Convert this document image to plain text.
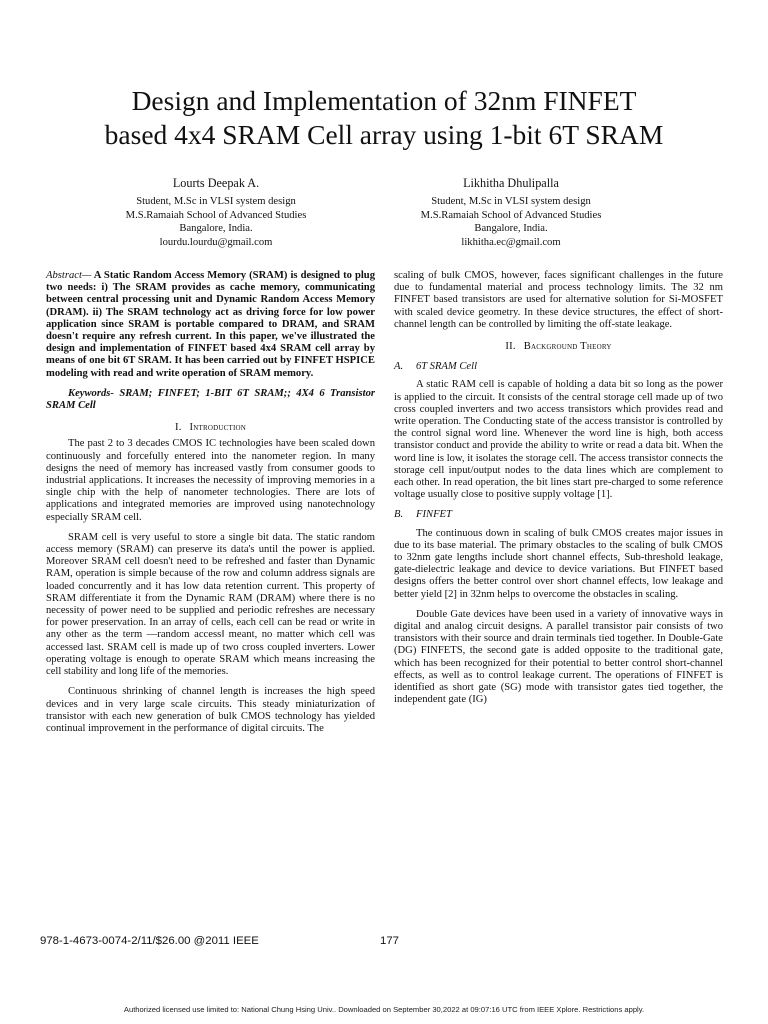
Design and Implementation of 32nm FINFET
based 4x4 SRAM Cell array using 1-bit 6T SRAM
Lourts Deepak A.
Student, M.Sc in VLSI system design
M.S.Ramaiah School of Advanced Studies
Bangalore, India.
lourdu.lourdu@gmail.com
Likhitha Dhulipalla
Student, M.Sc in VLSI system design
M.S.Ramaiah School of Advanced Studies
Bangalore, India.
likhitha.ec@gmail.com

Abstract— A Static Random Access Memory (SRAM) is designed to plug two needs: i) The SRAM provides as cache memory, communicating between central processing unit and Dynamic Random Access Memory (DRAM). ii) The SRAM technology act as driving force for low power application since SRAM is portable compared to DRAM, and SRAM doesn't require any refresh current. In this paper, we've illustrated the design and implementation of FINFET based 4x4 SRAM cell array by means of one bit 6T SRAM. It has been carried out by FINFET HSPICE modeling with read and write operation of SRAM memory.

Keywords- SRAM; FINFET; 1-BIT 6T SRAM;; 4X4 6 Transistor SRAM Cell

I. Introduction

The past 2 to 3 decades CMOS IC technologies have been scaled down continuously and forcefully entered into the nanometer region. In many designs the need of memory has increased vastly from consumer goods to industrial applications. It increases the necessity of improving memories in a single chip with the help of nanometer technologies. There are lots of applications and integrated memories are improved using nanotechnology especially SRAM cell.

SRAM cell is very useful to store a single bit data. The static random access memory (SRAM) can preserve its data's until the power is applied. Moreover SRAM cell doesn't need to be refreshed and faster than Dynamic RAM, operation is simple because of the row and column address signals are loaded concurrently and it has low data retention current. This property of SRAM differentiate it from the Dynamic RAM (DRAM) where there is no necessity of power need to be supplied and periodic refreshes are necessary for power preservation. In an array of cells, each cell can be read or write in any other as the term ―random access‖ meant, no matter which cell was accessed last. SRAM cell is made up of two cross coupled inverters. Lower operating voltage is enough to operate SRAM which means increasing the cell stability and long life of the memories.

Continuous shrinking of channel length is increases the high speed devices and in very large scale circuits. This steady miniaturization of transistor with each new generation of bulk CMOS technology has yielded continual improvement in the performance of digital circuits. The

scaling of bulk CMOS, however, faces significant challenges in the future due to fundamental material and process technology limits. The 32 nm FINFET based transistors are used for alternative solution for Si-MOSFET with scaled device geometry. In these device structures, the effect of short-channel length can be controlled by limiting the off-state leakage.

II. Background Theory
A. 6T SRAM Cell

A static RAM cell is capable of holding a data bit so long as the power is applied to the circuit. It consists of the central storage cell made up of two cross coupled inverters and two access transistors which provides read and write operation. The Conducting state of the access transistor is controlled by the control signal word line. Whenever the word line is high, both access transistor conduct and provide the ability to write or read a data bit. When the word line is low, it isolates the storage cell. The access transistor connects the storage cell input/output nodes to the data lines which are complement to each other. In read operation, the bit lines start pre-charged to some reference voltage usually close to positive supply voltage [1].

B. FINFET

The continuous down in scaling of bulk CMOS creates major issues in due to its base material. The primary obstacles to the scaling of bulk CMOS to 32nm gate lengths include short channel effects, Sub-threshold leakage, gate-dielectric leakage and device to device variations. But FINFET based designs offers the better control over short channel effects, low leakage and better yield [2] in 32nm helps to overcome the obstacles in scaling.

Double Gate devices have been used in a variety of innovative ways in digital and analog circuit designs. A parallel transistor pair consists of two transistors with their source and drain terminals tied together. In Double-Gate (DG) FINFETS, the second gate is added opposite to the traditional gate, which has been recognized for their potential to better control short-channel effects, as well as to control leakage current. The operations of FINFET is identified as short gate (SG) mode with transistor gates tied together, the independent gate (IG)

978-1-4673-0074-2/11/$26.00 @2011 IEEE	177
Authorized licensed use limited to: National Chung Hsing Univ.. Downloaded on September 30,2022 at 09:07:16 UTC from IEEE Xplore. Restrictions apply.
